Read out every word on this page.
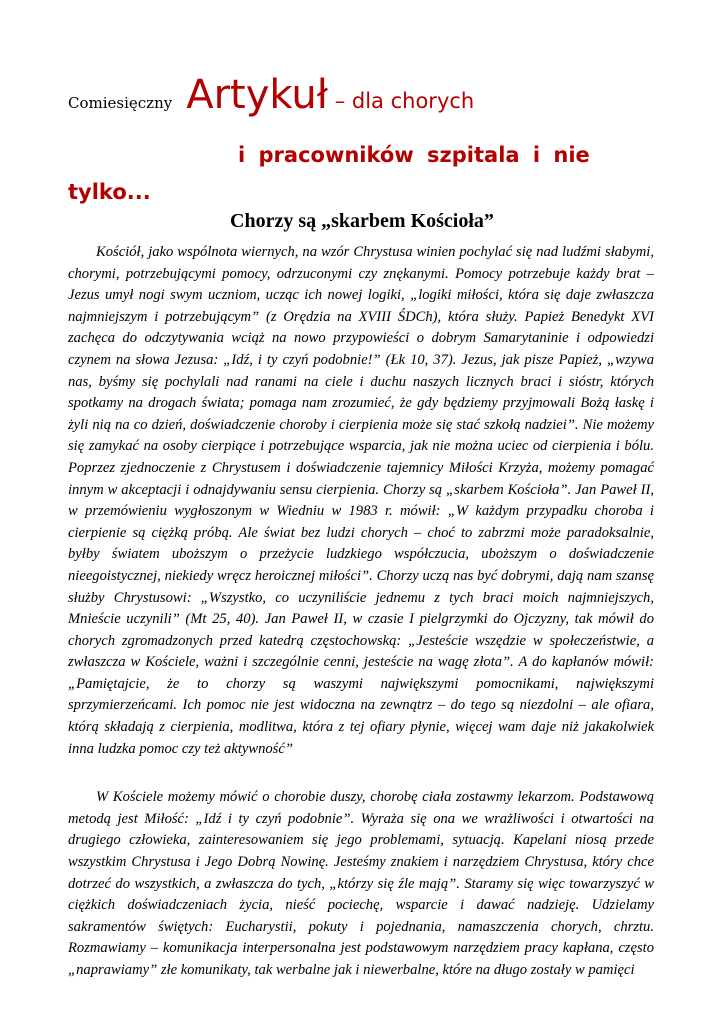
Comiesięczny Artykuł – dla chorych
i pracowników szpitala i nie
tylko...
Chorzy są „skarbem Kościoła”

Kościół, jako wspólnota wiernych, na wzór Chrystusa winien pochylać się nad ludźmi słabymi, chorymi, potrzebującymi pomocy, odrzuconymi czy znękanymi. Pomocy potrzebuje każdy brat – Jezus umył nogi swym uczniom, ucząc ich nowej logiki, „logiki miłości, która się daje zwłaszcza najmniejszym i potrzebującym” (z Orędzia na XVIII ŚDCh), która służy. Papież Benedykt XVI zachęca do odczytywania wciąż na nowo przypowieści o dobrym Samarytaninie i odpowiedzi czynem na słowa Jezusa: „Idź, i ty czyń podobnie!” (Łk 10, 37). Jezus, jak pisze Papież, „wzywa nas, byśmy się pochylali nad ranami na ciele i duchu naszych licznych braci i sióstr, których spotkamy na drogach świata; pomaga nam zrozumieć, że gdy będziemy przyjmowali Bożą łaskę i żyli nią na co dzień, doświadczenie choroby i cierpienia może się stać szkołą nadziei”. Nie możemy się zamykać na osoby cierpiące i potrzebujące wsparcia, jak nie można uciec od cierpienia i bólu. Poprzez zjednoczenie z Chrystusem i doświadczenie tajemnicy Miłości Krzyża, możemy pomagać innym w akceptacji i odnajdywaniu sensu cierpienia. Chorzy są „skarbem Kościoła”. Jan Paweł II, w przemówieniu wygłoszonym w Wiedniu w 1983 r. mówił: „W każdym przypadku choroba i cierpienie są ciężką próbą. Ale świat bez ludzi chorych – choć to zabrzmi może paradoksalnie, byłby światem uboższym o przeżycie ludzkiego współczucia, uboższym o doświadczenie nieegoistycznej, niekiedy wręcz heroicznej miłości”. Chorzy uczą nas być dobrymi, dają nam szansę służby Chrystusowi: „Wszystko, co uczyniliście jednemu z tych braci moich najmniejszych, Mnieście uczynili” (Mt 25, 40). Jan Paweł II, w czasie I pielgrzymki do Ojczyzny, tak mówił do chorych zgromadzonych przed katedrą częstochowską: „Jesteście wszędzie w społeczeństwie, a zwłaszcza w Kościele, ważni i szczególnie cenni, jesteście na wagę złota”. A do kapłanów mówił: „Pamiętajcie, że to chorzy są waszymi największymi pomocnikami, największymi sprzymierzeńcami. Ich pomoc nie jest widoczna na zewnątrz – do tego są niezdolni – ale ofiara, którą składają z cierpienia, modlitwa, która z tej ofiary płynie, więcej wam daje niż jakakolwiek inna ludzka pomoc czy też aktywność”

W Kościele możemy mówić o chorobie duszy, chorobę ciała zostawmy lekarzom. Podstawową metodą jest Miłość: „Idź i ty czyń podobnie”. Wyraża się ona we wrażliwości i otwartości na drugiego człowieka, zainteresowaniem się jego problemami, sytuacją. Kapelani niosą przede wszystkim Chrystusa i Jego Dobrą Nowinę. Jesteśmy znakiem i narzędziem Chrystusa, który chce dotrzeć do wszystkich, a zwłaszcza do tych, „którzy się źle mają”. Staramy się więc towarzyszyć w ciężkich doświadczeniach życia, nieść pociechę, wsparcie i dawać nadzieję. Udzielamy sakramentów świętych: Eucharystii, pokuty i pojednania, namaszczenia chorych, chrztu. Rozmawiamy – komunikacja interpersonalna jest podstawowym narzędziem pracy kapłana, często „naprawiamy” złe komunikaty, tak werbalne jak i niewerbalne, które na długo zostały w pamięci
